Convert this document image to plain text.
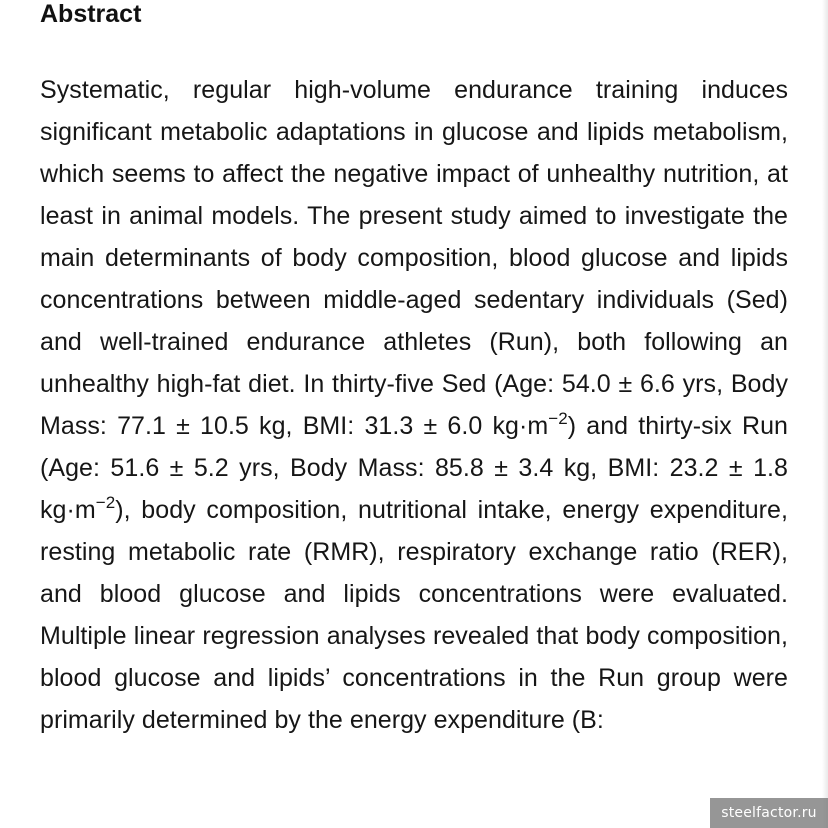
Abstract

Systematic, regular high-volume endurance training induces significant metabolic adaptations in glucose and lipids metabolism, which seems to affect the negative impact of unhealthy nutrition, at least in animal models. The present study aimed to investigate the main determinants of body composition, blood glucose and lipids concentrations between middle-aged sedentary individuals (Sed) and well-trained endurance athletes (Run), both following an unhealthy high-fat diet. In thirty-five Sed (Age: 54.0 ± 6.6 yrs, Body Mass: 77.1 ± 10.5 kg, BMI: 31.3 ± 6.0 $kg\cdot m^{-2}$) and thirty-six Run (Age: 51.6 ± 5.2 yrs, Body Mass: 85.8 ± 3.4 kg, BMI: 23.2 ± 1.8 $kg\cdot m^{-2}$), body composition, nutritional intake, energy expenditure, resting metabolic rate (RMR), respiratory exchange ratio (RER), and blood glucose and lipids concentrations were evaluated. Multiple linear regression analyses revealed that body composition, blood glucose and lipids’ concentrations in the Run group were primarily determined by the energy expenditure (B:

steelfactor.ru
